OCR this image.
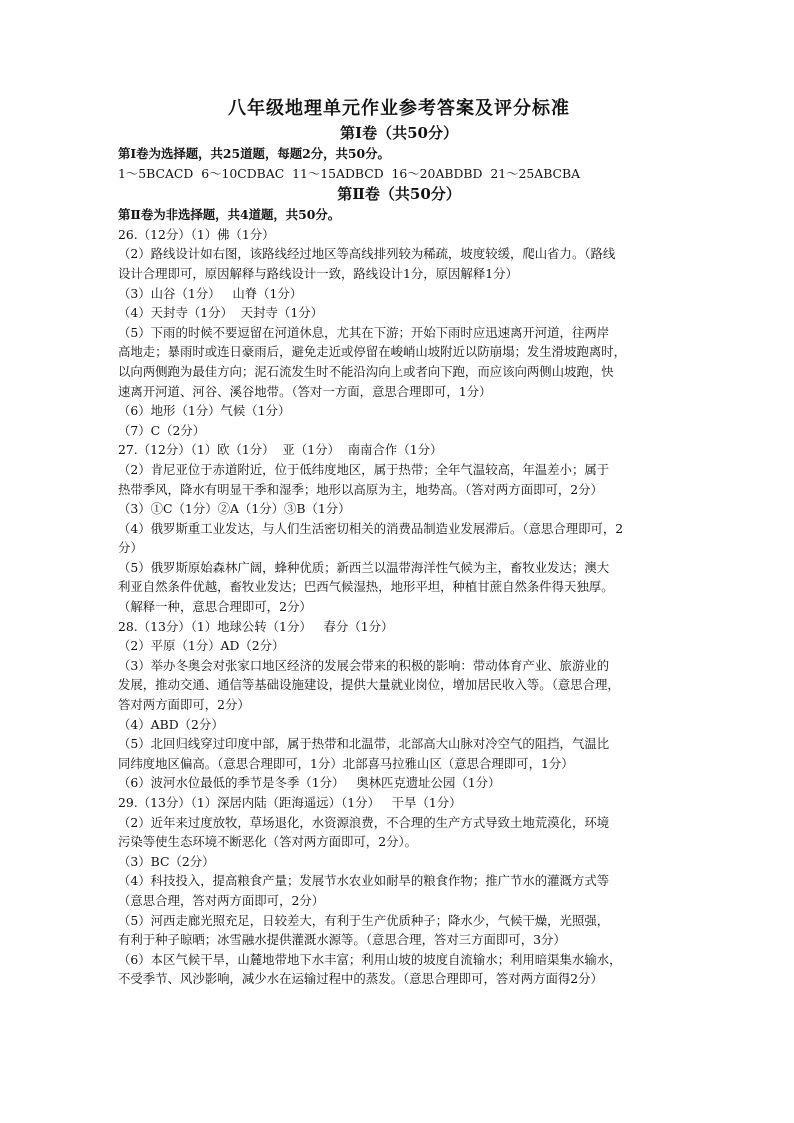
八年级地理单元作业参考答案及评分标准
第Ⅰ卷（共50分）
第Ⅰ卷为选择题，共25道题，每题2分，共50分。
1～5BCACD  6～10CDBAC  11～15ADBCD  16～20ABDBD  21～25ABCBA
第Ⅱ卷（共50分）
第Ⅱ卷为非选择题，共4道题，共50分。
26.（12分）（1）佛（1分）
（2）路线设计如右图，该路线经过地区等高线排列较为稀疏，坡度较缓，爬山省力。（路线
设计合理即可，原因解释与路线设计一致，路线设计1分，原因解释1分）
（3）山谷（1分）   山脊（1分）
（4）天封寺（1分）  天封寺（1分）
（5）下雨的时候不要逗留在河道休息，尤其在下游；开始下雨时应迅速离开河道，往两岸
高地走；暴雨时或连日豪雨后，避免走近或停留在峻峭山坡附近以防崩塌；发生滑坡跑离时，
以向两侧跑为最佳方向；泥石流发生时不能沿沟向上或者向下跑，而应该向两侧山坡跑，快
速离开河道、河谷、溪谷地带。（答对一方面，意思合理即可，1分）
（6）地形（1分）气候（1分）
（7）C（2分）
27.（12分）（1）欧（1分）  亚（1分）  南南合作（1分）
（2）肯尼亚位于赤道附近，位于低纬度地区，属于热带；全年气温较高，年温差小；属于
热带季风，降水有明显干季和湿季；地形以高原为主，地势高。（答对两方面即可，2分）
（3）①C（1分）②A（1分）③B（1分）
（4）俄罗斯重工业发达，与人们生活密切相关的消费品制造业发展滞后。（意思合理即可，2
分）
（5）俄罗斯原始森林广阔，蜂种优质；新西兰以温带海洋性气候为主，畜牧业发达；澳大
利亚自然条件优越，畜牧业发达；巴西气候湿热，地形平坦，种植甘蔗自然条件得天独厚。
（解释一种，意思合理即可，2分）
28.（13分）（1）地球公转（1分）   春分（1分）
（2）平原（1分）AD（2分）
（3）举办冬奥会对张家口地区经济的发展会带来的积极的影响：带动体育产业、旅游业的
发展，推动交通、通信等基础设施建设，提供大量就业岗位，增加居民收入等。（意思合理，
答对两方面即可，2分）
（4）ABD（2分）
（5）北回归线穿过印度中部，属于热带和北温带，北部高大山脉对冷空气的阻挡，气温比
同纬度地区偏高。（意思合理即可，1分）北部喜马拉雅山区（意思合理即可，1分）
（6）波河水位最低的季节是冬季（1分）   奥林匹克遗址公园（1分）
29.（13分）（1）深居内陆（距海遥远）（1分）   干旱（1分）
（2）近年来过度放牧，草场退化，水资源浪费，不合理的生产方式导致土地荒漠化，环境
污染等使生态环境不断恶化（答对两方面即可，2分）。
（3）BC（2分）
（4）科技投入，提高粮食产量；发展节水农业如耐旱的粮食作物；推广节水的灌溉方式等
（意思合理，答对两方面即可，2分）
（5）河西走廊光照充足，日较差大，有利于生产优质种子；降水少，气候干燥，光照强，
有利于种子晾晒；冰雪融水提供灌溉水源等。（意思合理，答对三方面即可，3分）
（6）本区气候干旱，山麓地带地下水丰富；利用山坡的坡度自流输水；利用暗渠集水输水，
不受季节、风沙影响，减少水在运输过程中的蒸发。（意思合理即可，答对两方面得2分）
